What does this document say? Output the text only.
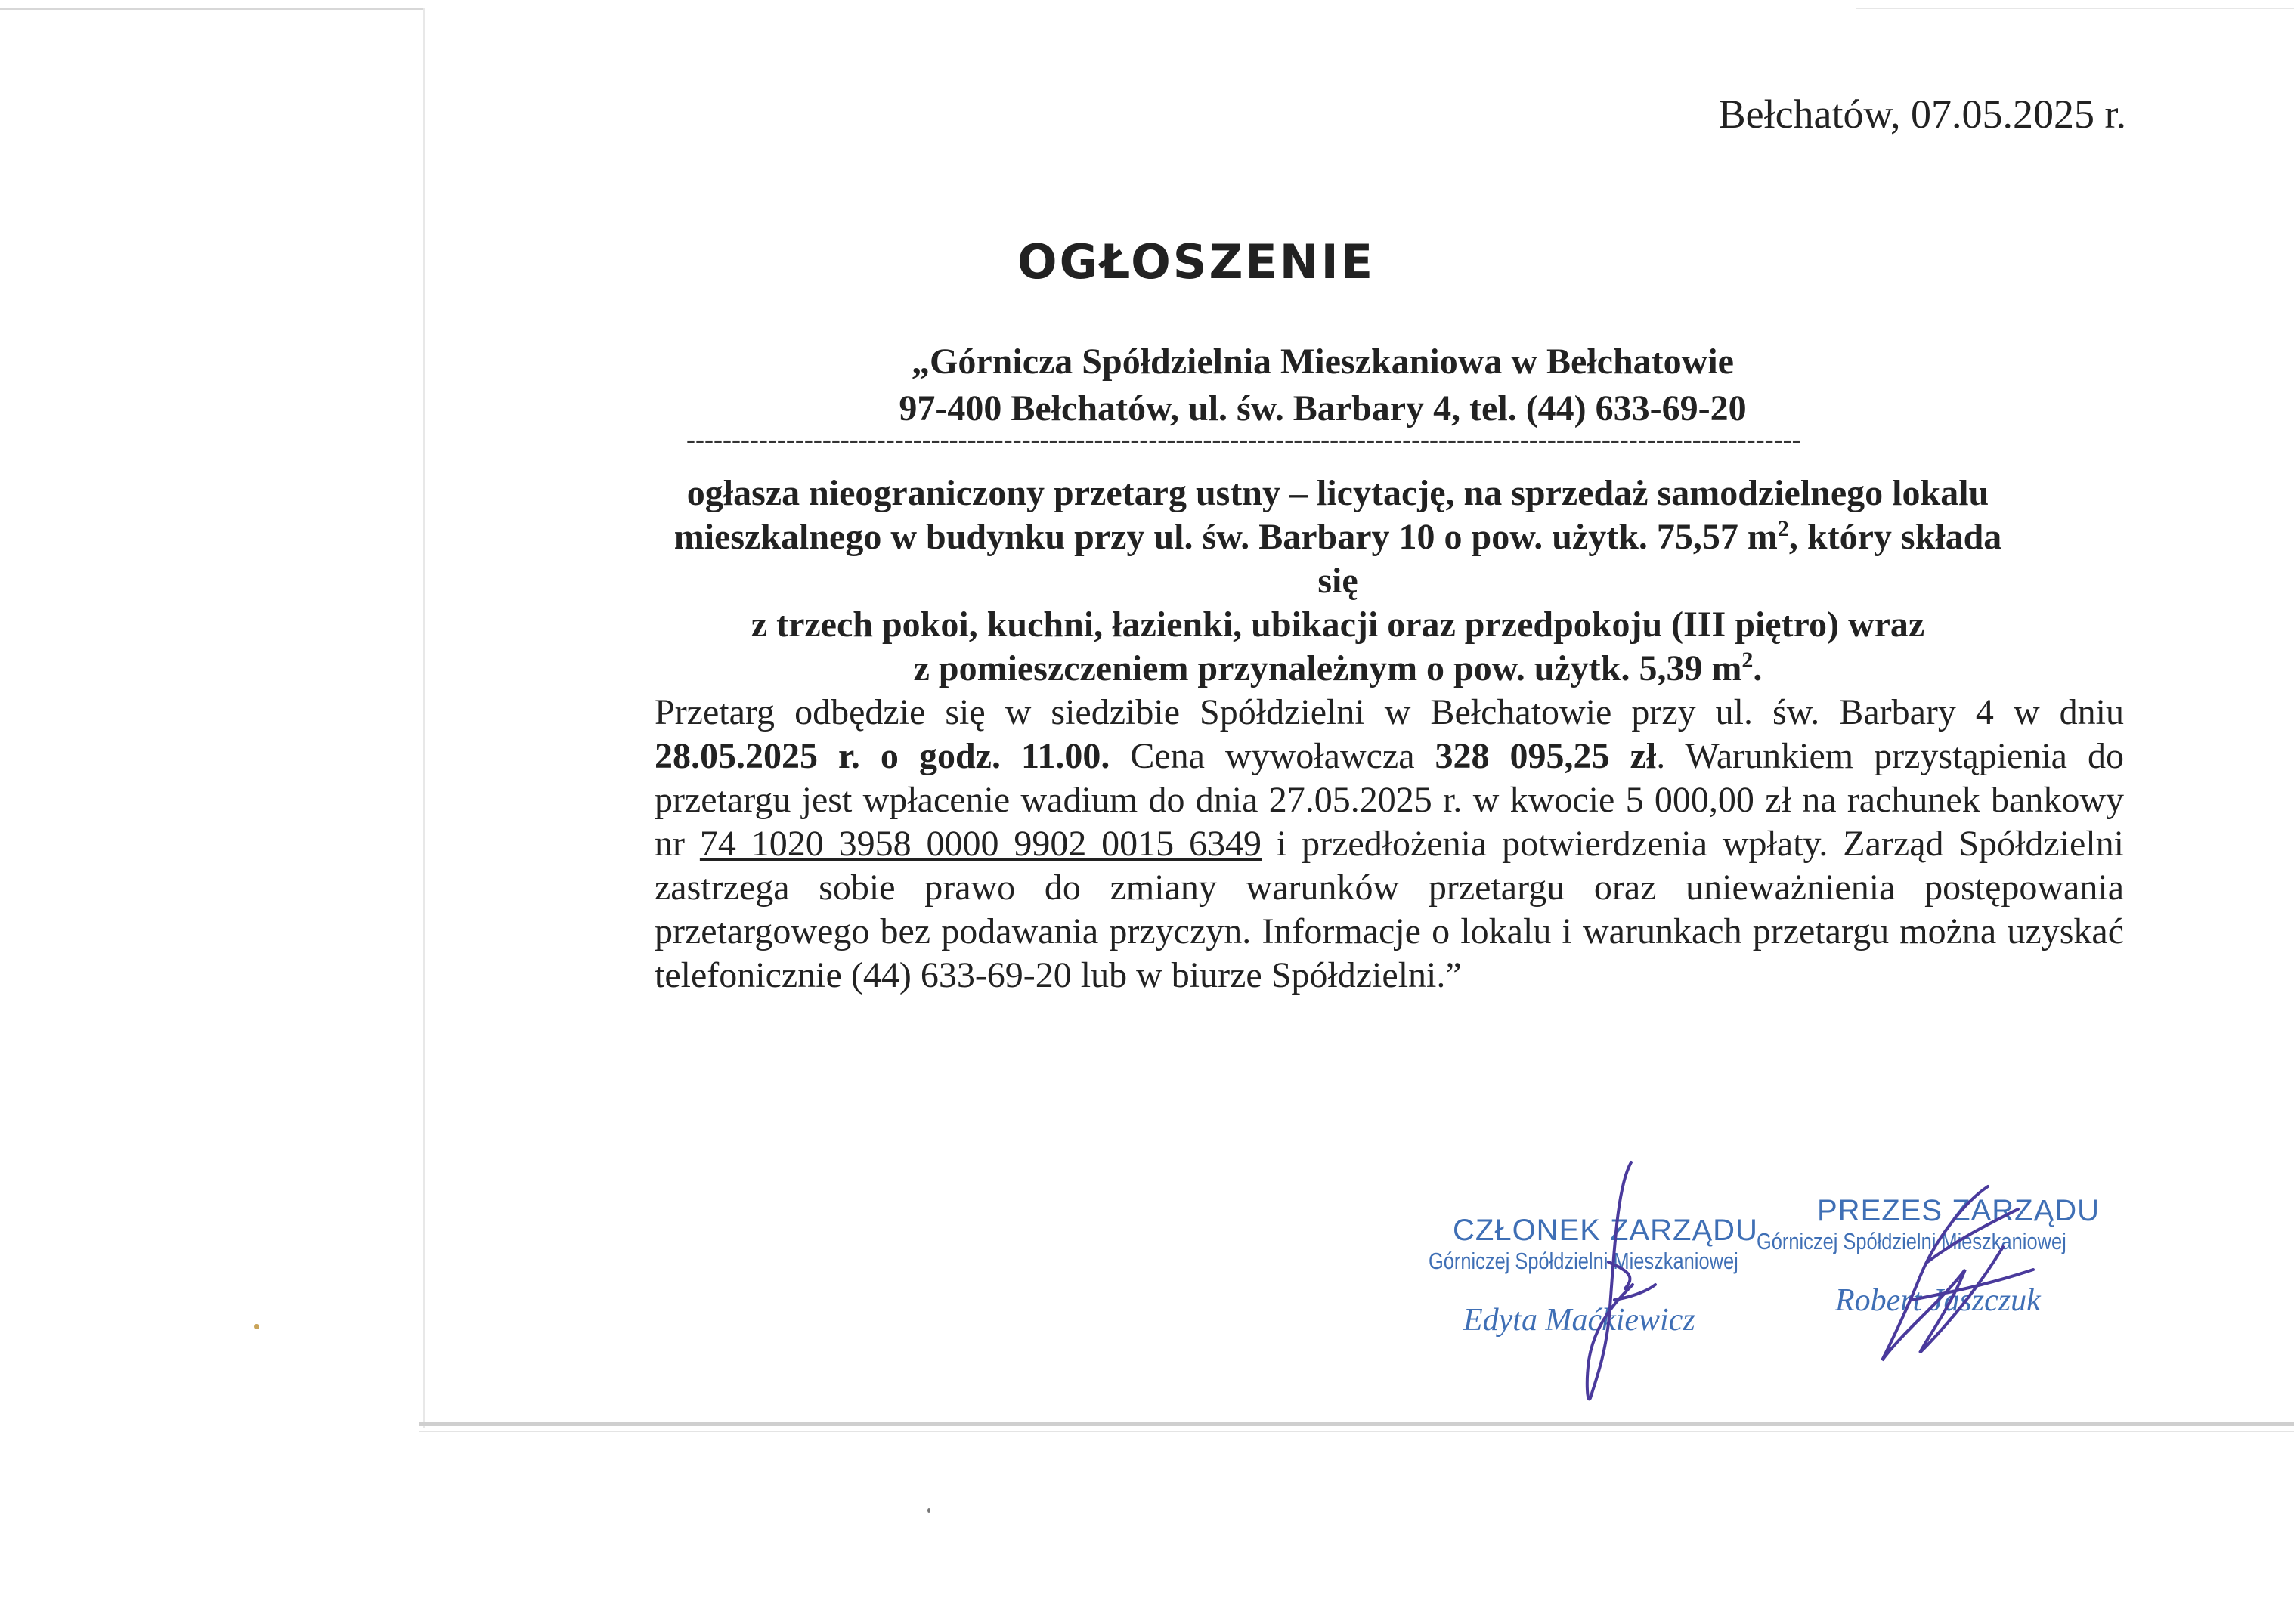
Bełchatów, 07.05.2025 r.
OGŁOSZENIE
„Górnicza Spółdzielnia Mieszkaniowa w Bełchatowie
97-400 Bełchatów, ul. św. Barbary 4, tel. (44) 633-69-20
---------------------------------------------------------------------------------------------------------------------------
ogłasza nieograniczony przetarg ustny – licytację, na sprzedaż samodzielnego lokalu
mieszkalnego w budynku przy ul. św. Barbary 10 o pow. użytk. 75,57 $m^2$, który składa się
z trzech pokoi, kuchni, łazienki, ubikacji oraz przedpokoju (III piętro) wraz
z pomieszczeniem przynależnym o pow. użytk. 5,39 $m^2$.
Przetarg odbędzie się w siedzibie Spółdzielni w Bełchatowie przy ul. św. Barbary 4 w dniu 28.05.2025 r. o godz. 11.00. Cena wywoławcza 328 095,25 zł. Warunkiem przystąpienia do przetargu jest wpłacenie wadium do dnia 27.05.2025 r. w kwocie 5 000,00 zł na rachunek bankowy nr 74 1020 3958 0000 9902 0015 6349 i przedłożenia potwierdzenia wpłaty. Zarząd Spółdzielni zastrzega sobie prawo do zmiany warunków przetargu oraz unieważnienia postępowania przetargowego bez podawania przyczyn. Informacje o lokalu i warunkach przetargu można uzyskać telefonicznie (44) 633-69-20 lub w biurze Spółdzielni.”
CZŁONEK ZARZĄDU
Górniczej Spółdzielni Mieszkaniowej
Edyta Maćkiewicz
PREZES ZARZĄDU
Górniczej Spółdzielni Mieszkaniowej
Robert Jaszczuk
